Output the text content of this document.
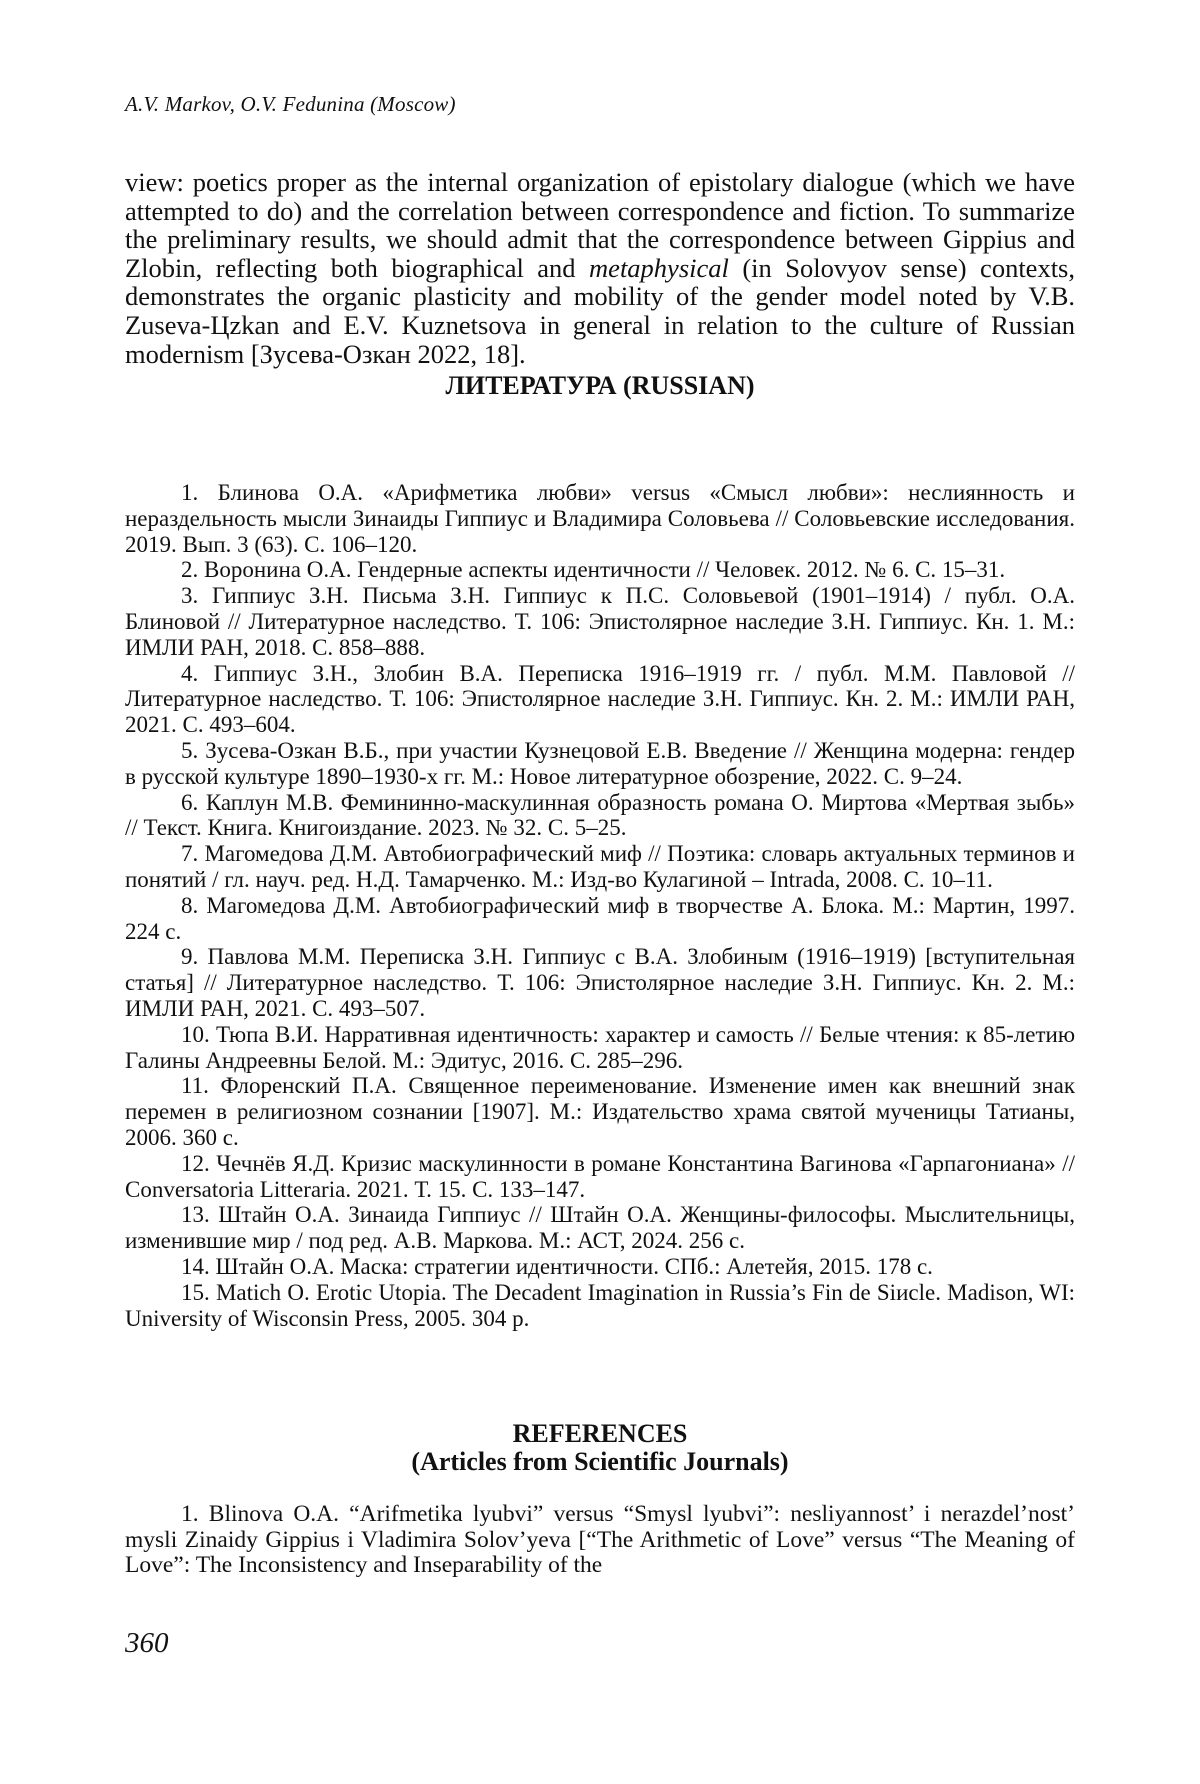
A.V. Markov, O.V. Fedunina (Moscow)

view: poetics proper as the internal organization of epistolary dialogue (which we have attempted to do) and the correlation between correspondence and fiction. To summarize the preliminary results, we should admit that the correspondence between Gippius and Zlobin, reflecting both biographical and metaphysical (in Solovyov sense) contexts, demonstrates the organic plasticity and mobility of the gender model noted by V.B. Zuseva-Цzkan and E.V. Kuznetsova in general in relation to the culture of Russian modernism [Зусева-Озкан 2022, 18].

ЛИТЕРАТУРА (RUSSIAN)
1. Блинова О.А. «Арифметика любви» versus «Смысл любви»: неслиянность и нераздельность мысли Зинаиды Гиппиус и Владимира Соловьева // Соловьевские исследования. 2019. Вып. 3 (63). С. 106–120.
2. Воронина О.А. Гендерные аспекты идентичности // Человек. 2012. № 6. С. 15–31.
3. Гиппиус З.Н. Письма З.Н. Гиппиус к П.С. Соловьевой (1901–1914) / публ. О.А. Блиновой // Литературное наследство. Т. 106: Эпистолярное наследие З.Н. Гиппиус. Кн. 1. М.: ИМЛИ РАН, 2018. С. 858–888.
4. Гиппиус З.Н., Злобин В.А. Переписка 1916–1919 гг. / публ. М.М. Павловой // Литературное наследство. Т. 106: Эпистолярное наследие З.Н. Гиппиус. Кн. 2. М.: ИМЛИ РАН, 2021. С. 493–604.
5. Зусева-Озкан В.Б., при участии Кузнецовой Е.В. Введение // Женщина модерна: гендер в русской культуре 1890–1930-х гг. М.: Новое литературное обозрение, 2022. С. 9–24.
6. Каплун М.В. Фемининно-маскулинная образность романа О. Миртова «Мертвая зыбь» // Текст. Книга. Книгоиздание. 2023. № 32. С. 5–25.
7. Магомедова Д.М. Автобиографический миф // Поэтика: словарь актуальных терминов и понятий / гл. науч. ред. Н.Д. Тамарченко. М.: Изд-во Кулагиной – Intrada, 2008. С. 10–11.
8. Магомедова Д.М. Автобиографический миф в творчестве А. Блока. М.: Мартин, 1997. 224 с.
9. Павлова М.М. Переписка З.Н. Гиппиус с В.А. Злобиным (1916–1919) [вступительная статья] // Литературное наследство. Т. 106: Эпистолярное наследие З.Н. Гиппиус. Кн. 2. М.: ИМЛИ РАН, 2021. С. 493–507.
10. Тюпа В.И. Нарративная идентичность: характер и самость // Белые чтения: к 85-летию Галины Андреевны Белой. М.: Эдитус, 2016. С. 285–296.
11. Флоренский П.А. Священное переименование. Изменение имен как внешний знак перемен в религиозном сознании [1907]. М.: Издательство храма святой мученицы Татианы, 2006. 360 с.
12. Чечнёв Я.Д. Кризис маскулинности в романе Константина Вагинова «Гарпагониана» // Conversatoria Litteraria. 2021. Т. 15. С. 133–147.
13. Штайн О.А. Зинаида Гиппиус // Штайн О.А. Женщины-философы. Мыслительницы, изменившие мир / под ред. А.В. Маркова. М.: АСТ, 2024. 256 с.
14. Штайн О.А. Маска: стратегии идентичности. СПб.: Алетейя, 2015. 178 с.
15. Matich O. Erotic Utopia. The Decadent Imagination in Russia’s Fin de Siиcle. Madison, WI: University of Wisconsin Press, 2005. 304 p.
REFERENCES
(Articles from Scientific Journals)
1. Blinova O.A. “Arifmetika lyubvi” versus “Smysl lyubvi”: nesliyannost’ i nerazdel’nost’ mysli Zinaidy Gippius i Vladimira Solov’yeva [“The Arithmetic of Love” versus “The Meaning of Love”: The Inconsistency and Inseparability of the
360
